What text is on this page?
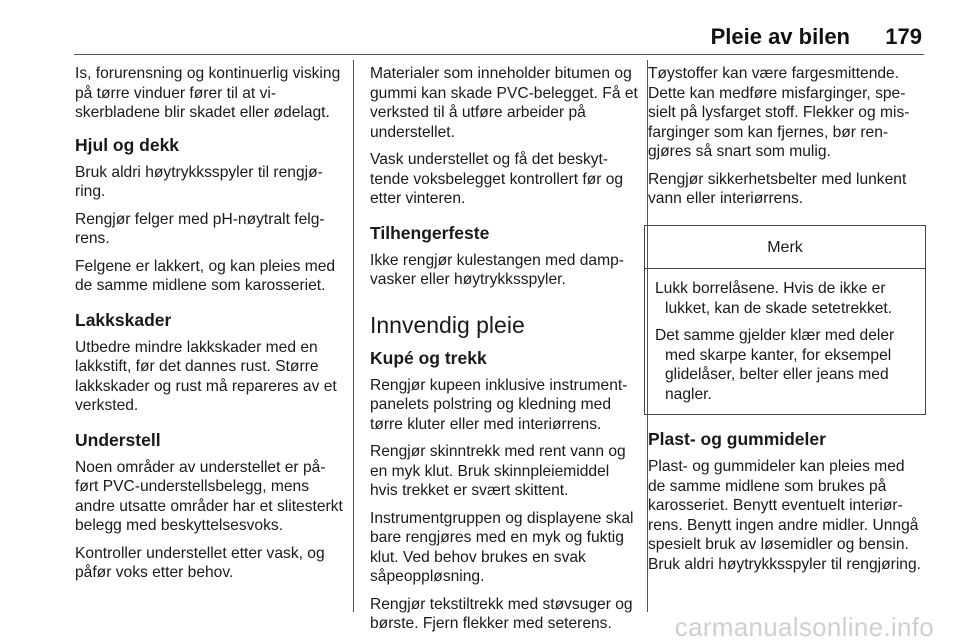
Pleie av bilen 179

Is, forurensning og kontinuerlig visking på tørre vinduer fører til at viskerbladene blir skadet eller ødelagt.

Hjul og dekk

Bruk aldri høytrykksspyler til rengjøring.

Rengjør felger med pH-nøytralt felgrens.

Felgene er lakkert, og kan pleies med de samme midlene som karosseriet.

Lakkskader

Utbedre mindre lakkskader med en lakkstift, før det dannes rust. Større lakkskader og rust må repareres av et verksted.

Understell

Noen områder av understellet er påført PVC-understellsbelegg, mens andre utsatte områder har et slitesterkt belegg med beskyttelsesvoks.

Kontroller understellet etter vask, og påfør voks etter behov.

Materialer som inneholder bitumen og gummi kan skade PVC-belegget. Få et verksted til å utføre arbeider på understellet.

Vask understellet og få det beskyttende voksbelegget kontrollert før og etter vinteren.

Tilhengerfeste

Ikke rengjør kulestangen med dampvasker eller høytrykksspyler.

Innvendig pleie
Kupé og trekk

Rengjør kupeen inklusive instrumentpanelets polstring og kledning med tørre kluter eller med interiørrens.

Rengjør skinntrekk med rent vann og en myk klut. Bruk skinnpleiemiddel hvis trekket er svært skittent.

Instrumentgruppen og displayene skal bare rengjøres med en myk og fuktig klut. Ved behov brukes en svak såpeoppløsning.

Rengjør tekstiltrekk med støvsuger og børste. Fjern flekker med seterens.

Tøystoffer kan være fargesmittende. Dette kan medføre misfarginger, spesielt på lysfarget stoff. Flekker og misfarginger som kan fjernes, bør rengjøres så snart som mulig.

Rengjør sikkerhetsbelter med lunkent vann eller interiørrens.

Merk

Lukk borrelåsene. Hvis de ikke er lukket, kan de skade setetrekket.

Det samme gjelder klær med deler med skarpe kanter, for eksempel glidelåser, belter eller jeans med nagler.

Plast- og gummideler

Plast- og gummideler kan pleies med de samme midlene som brukes på karosseriet. Benytt eventuelt interiørrens. Benytt ingen andre midler. Unngå spesielt bruk av løsemidler og bensin. Bruk aldri høytrykksspyler til rengjøring.

carmanualsonline.info
